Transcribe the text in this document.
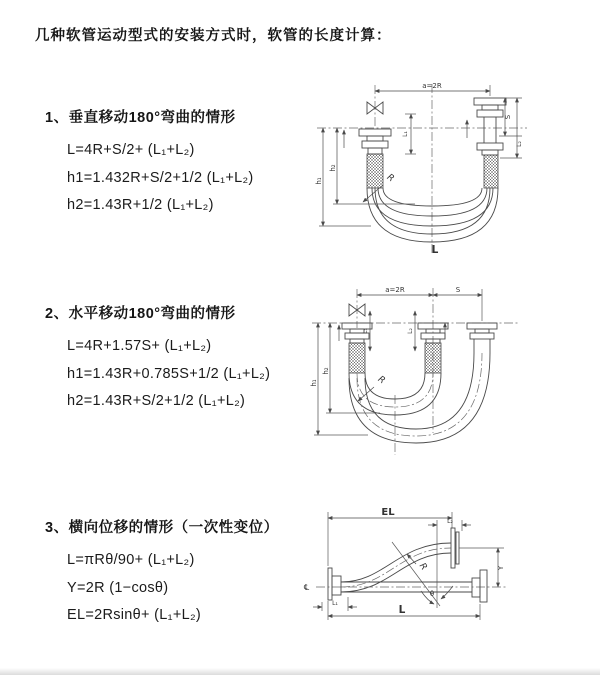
几种软管运动型式的安装方式时，软管的长度计算：
1、垂直移动180°弯曲的情形
L=4R+S/2+ (L₁+L₂)
h1=1.432R+S/2+1/2 (L₁+L₂)
h2=1.43R+1/2 (L₁+L₂)
2、水平移动180°弯曲的情形
L=4R+1.57S+ (L₁+L₂)
h1=1.43R+0.785S+1/2 (L₁+L₂)
h2=1.43R+S/2+1/2 (L₁+L₂)
3、横向位移的情形（一次性变位）
L=πRθ/90+ (L₁+L₂)
Y=2R (1−cosθ)
EL=2Rsinθ+ (L₁+L₂)
a=2R
h₁
h₂
L₁
S
L₂
R
L
a=2R	S
h₁
h₂
L₁	L₂
R
EL
L₂
℄
Y
θ
R
L₁
L
